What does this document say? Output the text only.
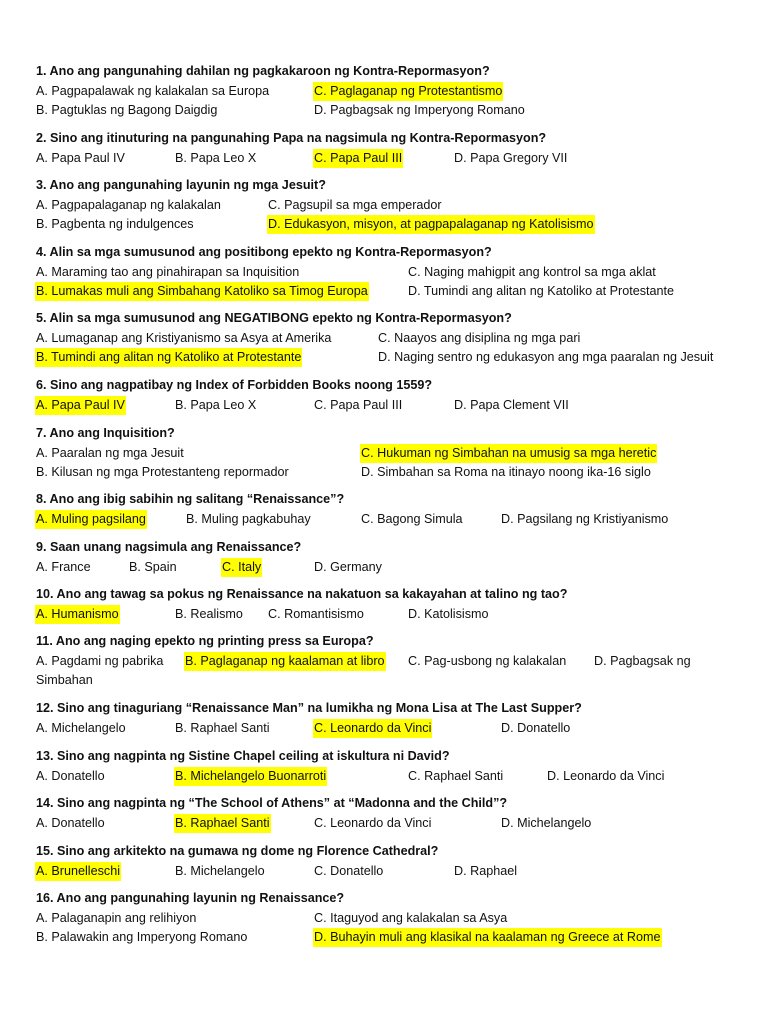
1. Ano ang pangunahing dahilan ng pagkakaroon ng Kontra-Repormasyon?
A. Pagpapalawak ng kalakalan sa Europa	C. Paglaganap ng Protestantismo
B. Pagtuklas ng Bagong Daigdig	D. Pagbagsak ng Imperyong Romano
2. Sino ang itinuturing na pangunahing Papa na nagsimula ng Kontra-Repormasyon?
A. Papa Paul IV	B. Papa Leo X	C. Papa Paul III	D. Papa Gregory VII
3. Ano ang pangunahing layunin ng mga Jesuit?
A. Pagpapalaganap ng kalakalan	C. Pagsupil sa mga emperador
B. Pagbenta ng indulgences	D. Edukasyon, misyon, at pagpapalaganap ng Katolisismo
4. Alin sa mga sumusunod ang positibong epekto ng Kontra-Repormasyon?
A. Maraming tao ang pinahirapan sa Inquisition	C. Naging mahigpit ang kontrol sa mga aklat
B. Lumakas muli ang Simbahang Katoliko sa Timog Europa	D. Tumindi ang alitan ng Katoliko at Protestante
5. Alin sa mga sumusunod ang NEGATIBONG epekto ng Kontra-Repormasyon?
A. Lumaganap ang Kristiyanismo sa Asya at Amerika	C. Naayos ang disiplina ng mga pari
B. Tumindi ang alitan ng Katoliko at Protestante	D. Naging sentro ng edukasyon ang mga paaralan ng Jesuit
6. Sino ang nagpatibay ng Index of Forbidden Books noong 1559?
A. Papa Paul IV	B. Papa Leo X	C. Papa Paul III	D. Papa Clement VII
7. Ano ang Inquisition?
A. Paaralan ng mga Jesuit	C. Hukuman ng Simbahan na umusig sa mga heretic
B. Kilusan ng mga Protestanteng repormador	D. Simbahan sa Roma na itinayo noong ika-16 siglo
8. Ano ang ibig sabihin ng salitang “Renaissance”?
A. Muling pagsilang	B. Muling pagkabuhay	C. Bagong Simula	D. Pagsilang ng Kristiyanismo
9. Saan unang nagsimula ang Renaissance?
A. France	B. Spain	C. Italy	D. Germany
10. Ano ang tawag sa pokus ng Renaissance na nakatuon sa kakayahan at talino ng tao?
A. Humanismo	B. Realismo C. Romantisismo	D. Katolisismo
11. Ano ang naging epekto ng printing press sa Europa?
A. Pagdami ng pabrika B. Paglaganap ng kaalaman at libro C. Pag-usbong ng kalakalan D. Pagbagsak ng
Simbahan
12. Sino ang tinaguriang “Renaissance Man” na lumikha ng Mona Lisa at The Last Supper?
A. Michelangelo	B. Raphael Santi	C. Leonardo da Vinci	D. Donatello
13. Sino ang nagpinta ng Sistine Chapel ceiling at iskultura ni David?
A. Donatello	B. Michelangelo Buonarroti	C. Raphael Santi	D. Leonardo da Vinci
14. Sino ang nagpinta ng “The School of Athens” at “Madonna and the Child”?
A. Donatello	B. Raphael Santi	C. Leonardo da Vinci	D. Michelangelo
15. Sino ang arkitekto na gumawa ng dome ng Florence Cathedral?
A. Brunelleschi	B. Michelangelo	C. Donatello	D. Raphael
16. Ano ang pangunahing layunin ng Renaissance?
A. Palaganapin ang relihiyon	C. Itaguyod ang kalakalan sa Asya
B. Palawakin ang Imperyong Romano	D. Buhayin muli ang klasikal na kaalaman ng Greece at Rome
